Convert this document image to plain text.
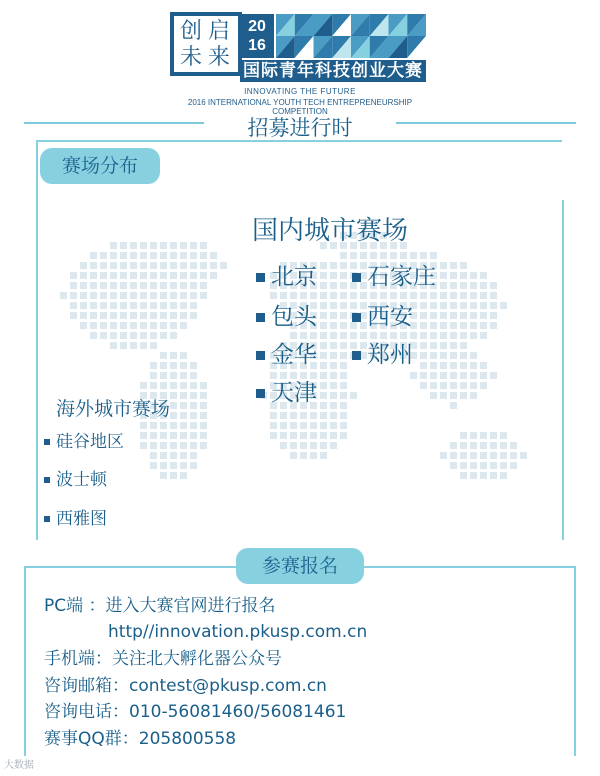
创 启
未 来
20
16
国际青年科技创业大赛
INNOVATING THE FUTURE
2016 INTERNATIONAL YOUTH TECH ENTREPRENEURSHIP COMPETITION
招募进行时
赛场分布
国内城市赛场
北京 石家庄
包头 西安
金华 郑州
天津
海外城市赛场
硅谷地区
波士顿
西雅图
参赛报名
PC端 ：进入大赛官网进行报名
http//innovation.pkusp.com.cn
手机端：关注北大孵化器公众号
咨询邮箱：contest@pkusp.com.cn
咨询电话：010-56081460/56081461
赛事QQ群：205800558
大数据
